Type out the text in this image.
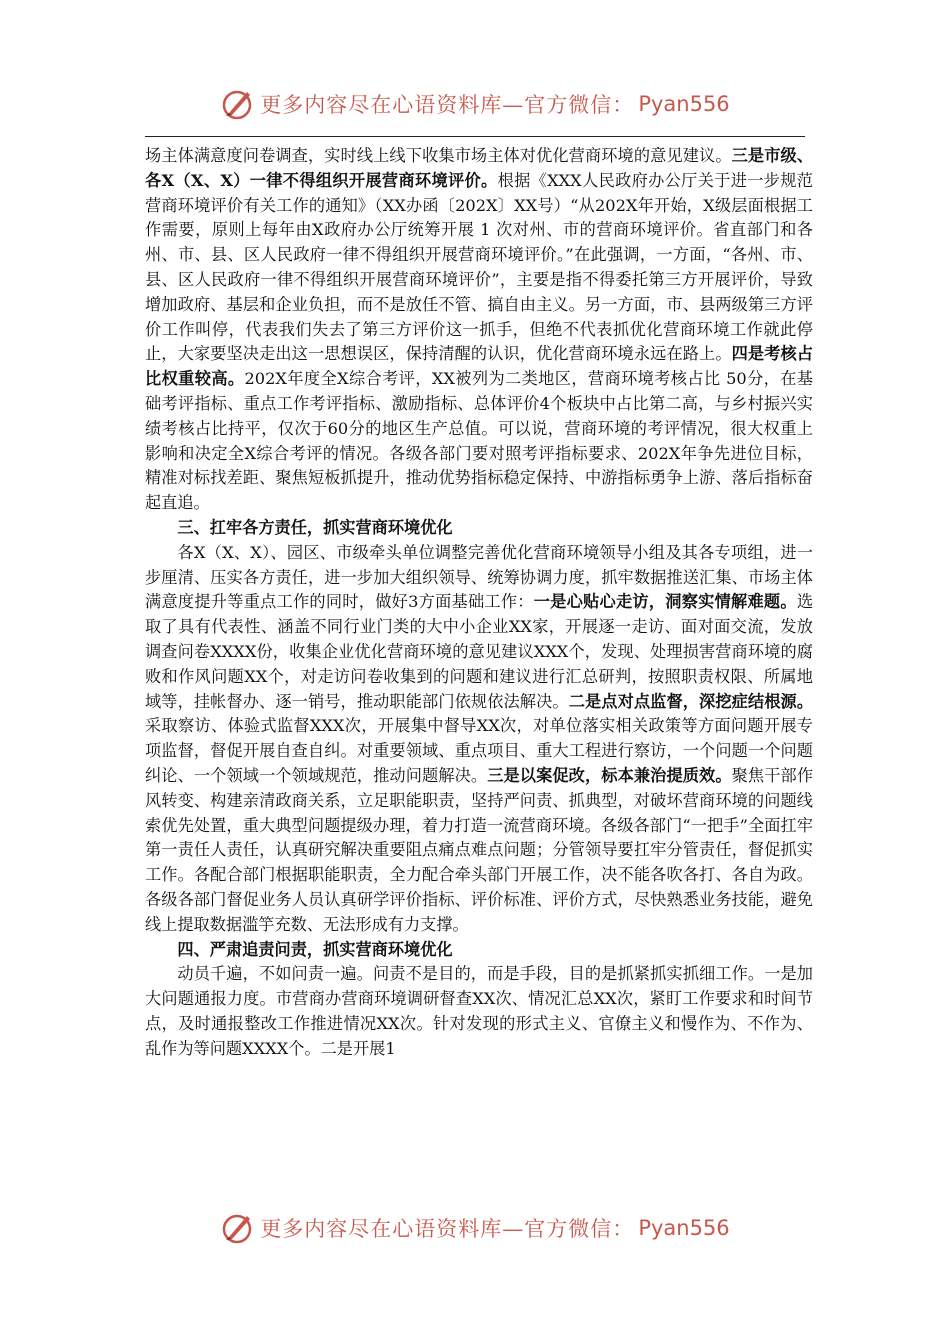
更多内容尽在心语资料库—官方微信： Pyan556

场主体满意度问卷调查，实时线上线下收集市场主体对优化营商环境的意见建议。三是市级、各X（X、X）一律不得组织开展营商环境评价。根据《XXX人民政府办公厅关于进一步规范营商环境评价有关工作的通知》（XX办函〔202X〕XX号）“从202X年开始，X级层面根据工作需要，原则上每年由X政府办公厅统筹开展 1 次对州、市的营商环境评价。省直部门和各州、市、县、区人民政府一律不得组织开展营商环境评价。”在此强调，一方面，“各州、市、县、区人民政府一律不得组织开展营商环境评价”，主要是指不得委托第三方开展评价，导致增加政府、基层和企业负担，而不是放任不管、搞自由主义。另一方面，市、县两级第三方评价工作叫停，代表我们失去了第三方评价这一抓手，但绝不代表抓优化营商环境工作就此停止，大家要坚决走出这一思想误区，保持清醒的认识，优化营商环境永远在路上。四是考核占比权重较高。202X年度全X综合考评，XX被列为二类地区，营商环境考核占比 50分，在基础考评指标、重点工作考评指标、激励指标、总体评价4个板块中占比第二高，与乡村振兴实绩考核占比持平，仅次于60分的地区生产总值。可以说，营商环境的考评情况，很大权重上影响和决定全X综合考评的情况。各级各部门要对照考评指标要求、202X年争先进位目标，精准对标找差距、聚焦短板抓提升，推动优势指标稳定保持、中游指标勇争上游、落后指标奋起直追。

三、扛牢各方责任，抓实营商环境优化

各X（X、X）、园区、市级牵头单位调整完善优化营商环境领导小组及其各专项组，进一步厘清、压实各方责任，进一步加大组织领导、统筹协调力度，抓牢数据推送汇集、市场主体满意度提升等重点工作的同时，做好3方面基础工作：一是心贴心走访，洞察实情解难题。选取了具有代表性、涵盖不同行业门类的大中小企业XX家，开展逐一走访、面对面交流，发放调查问卷XXXX份，收集企业优化营商环境的意见建议XXX个，发现、处理损害营商环境的腐败和作风问题XX个，对走访问卷收集到的问题和建议进行汇总研判，按照职责权限、所属地域等，挂帐督办、逐一销号，推动职能部门依规依法解决。二是点对点监督，深挖症结根源。采取察访、体验式监督XXX次，开展集中督导XX次，对单位落实相关政策等方面问题开展专项监督，督促开展自查自纠。对重要领域、重点项目、重大工程进行察访，一个问题一个问题纠论、一个领域一个领域规范，推动问题解决。三是以案促改，标本兼治提质效。聚焦干部作风转变、构建亲清政商关系，立足职能职责，坚持严问责、抓典型，对破坏营商环境的问题线索优先处置，重大典型问题提级办理，着力打造一流营商环境。各级各部门“一把手”全面扛牢第一责任人责任，认真研究解决重要阻点痛点难点问题；分管领导要扛牢分管责任，督促抓实工作。各配合部门根据职能职责，全力配合牵头部门开展工作，决不能各吹各打、各自为政。各级各部门督促业务人员认真研学评价指标、评价标准、评价方式，尽快熟悉业务技能，避免线上提取数据滥竽充数、无法形成有力支撑。

四、严肃追责问责，抓实营商环境优化

动员千遍，不如问责一遍。问责不是目的，而是手段，目的是抓紧抓实抓细工作。一是加大问题通报力度。市营商办营商环境调研督查XX次、情况汇总XX次，紧盯工作要求和时间节点，及时通报整改工作推进情况XX次。针对发现的形式主义、官僚主义和慢作为、不作为、乱作为等问题XXXX个。二是开展1

更多内容尽在心语资料库—官方微信： Pyan556
